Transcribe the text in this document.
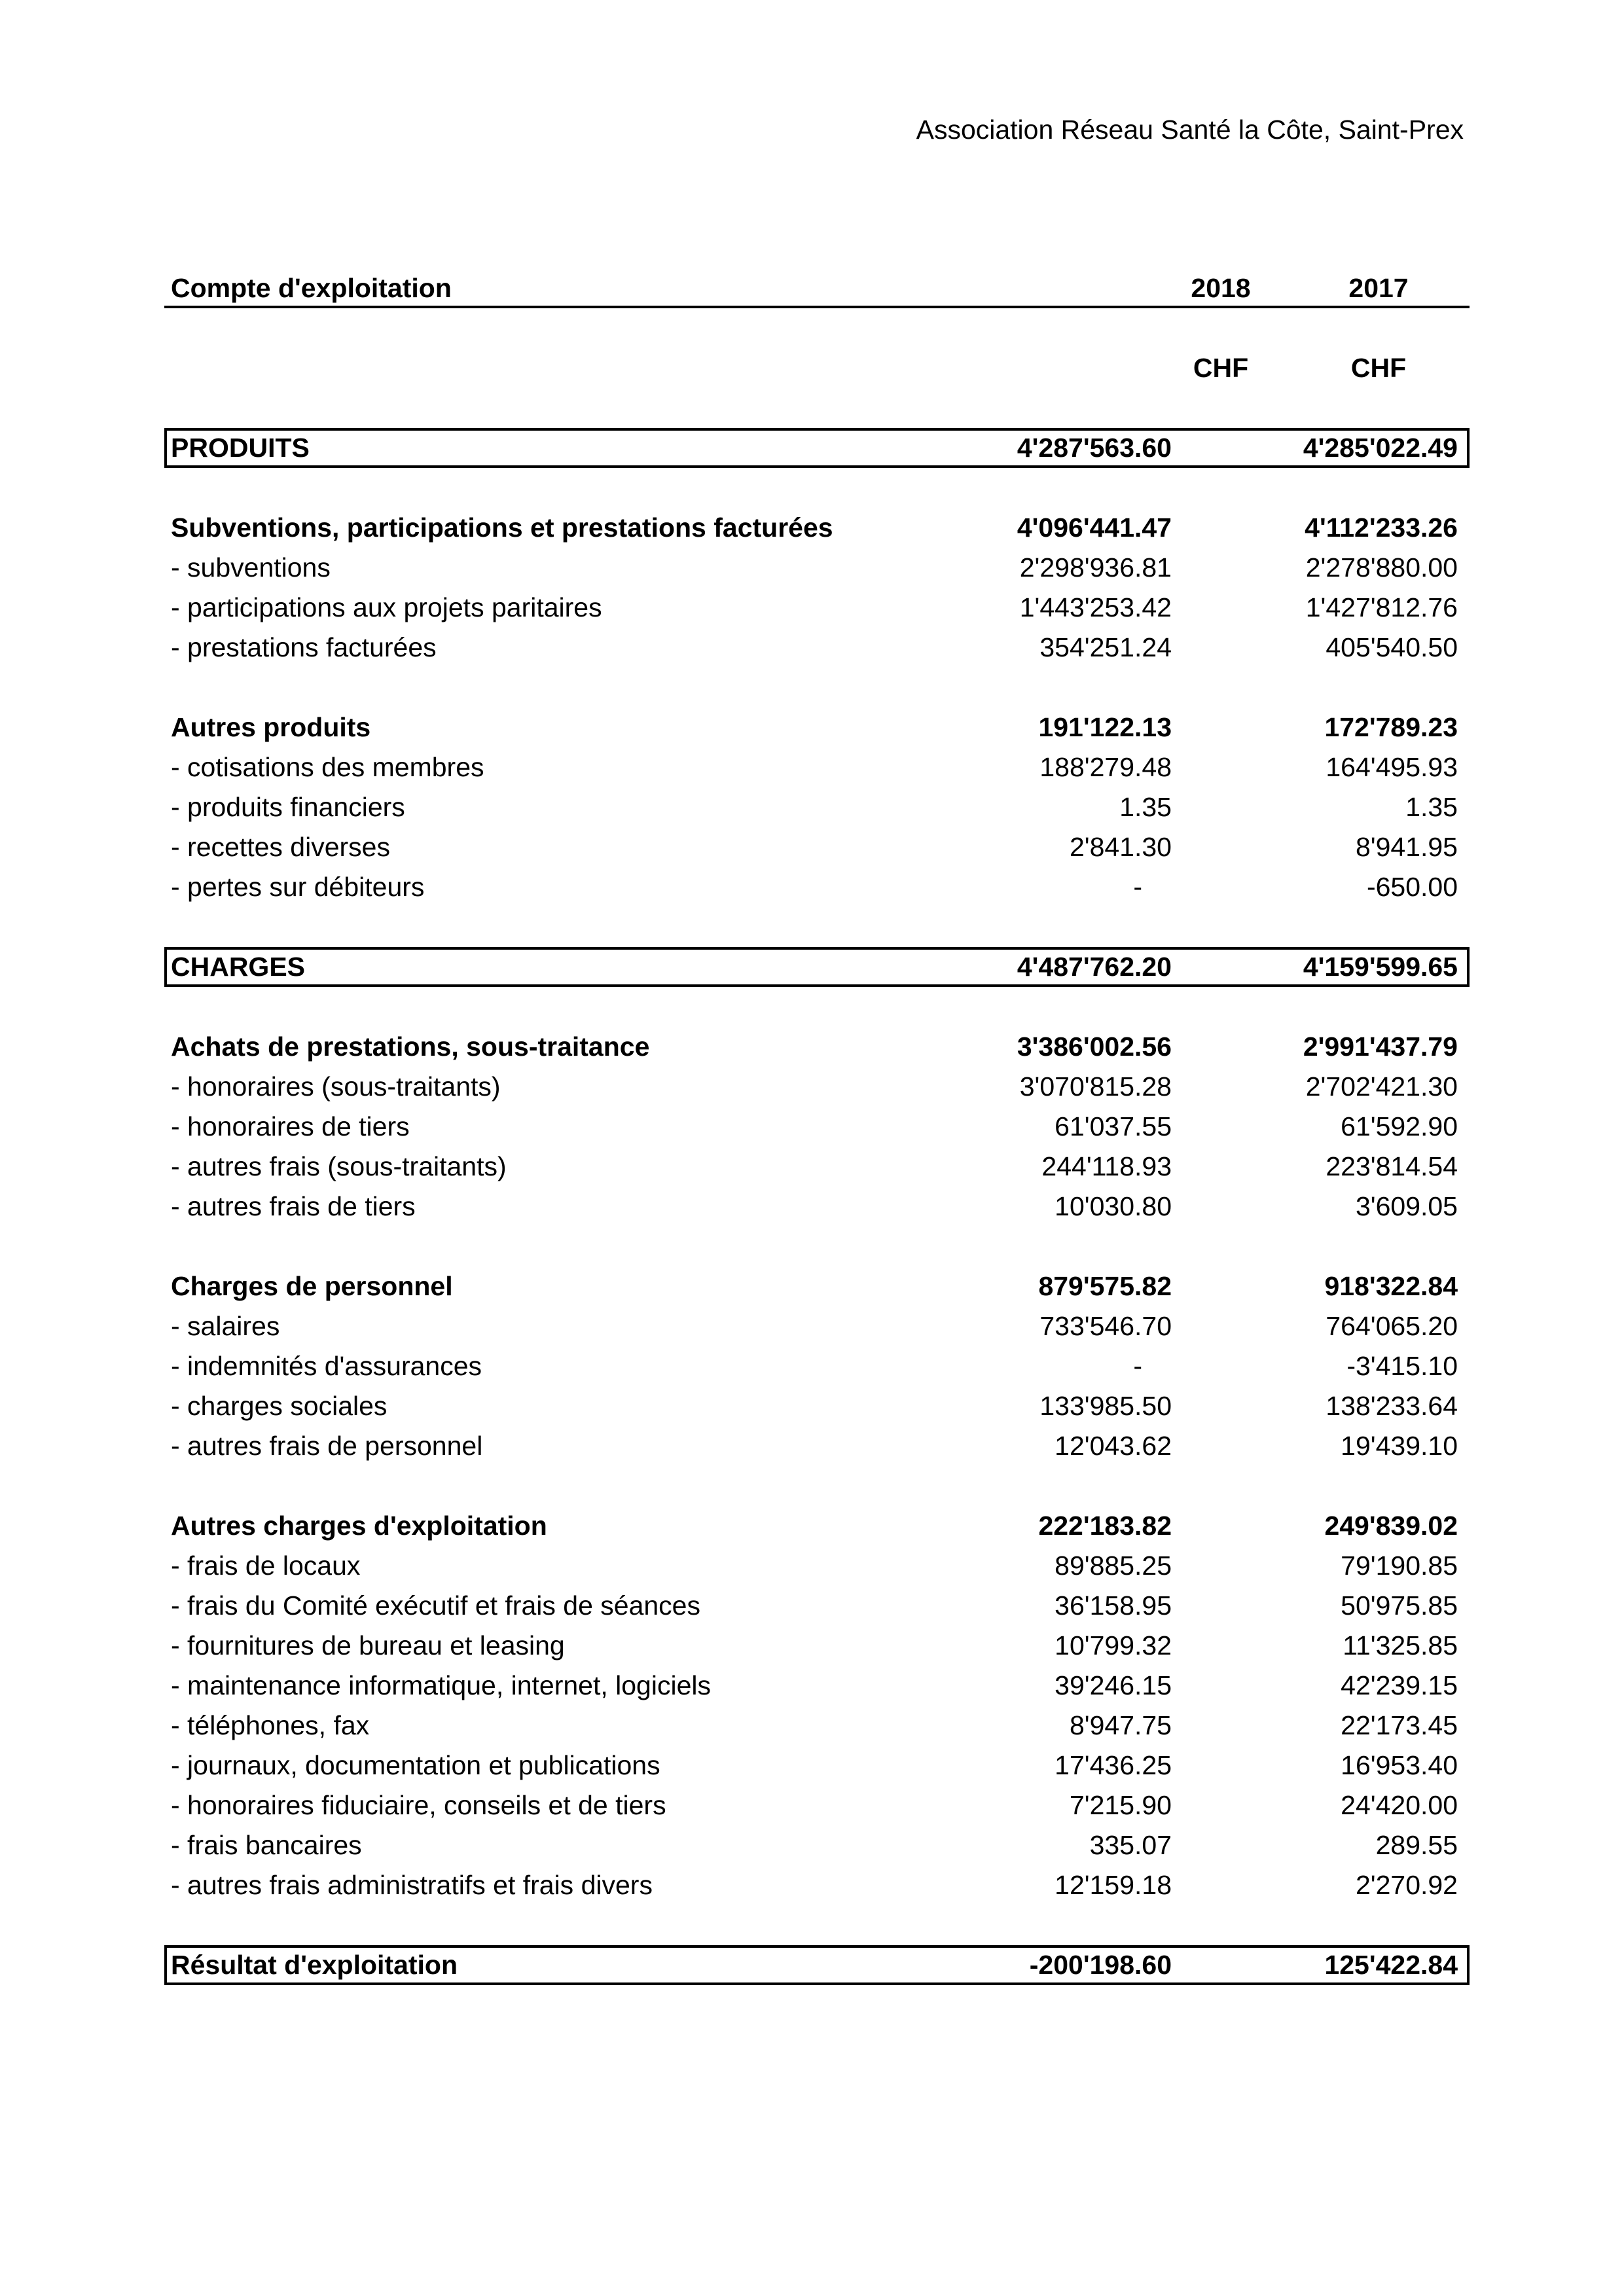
Association Réseau Santé la Côte, Saint-Prex
Compte d'exploitation	2018	2017
CHF	CHF
PRODUITS	4'287'563.60	4'285'022.49
Subventions, participations et prestations facturées	4'096'441.47	4'112'233.26
- subventions	2'298'936.81	2'278'880.00
- participations aux projets paritaires	1'443'253.42	1'427'812.76
- prestations facturées	354'251.24	405'540.50
Autres produits	191'122.13	172'789.23
- cotisations des membres	188'279.48	164'495.93
- produits financiers	1.35	1.35
- recettes diverses	2'841.30	8'941.95
- pertes sur débiteurs	-	-650.00
CHARGES	4'487'762.20	4'159'599.65
Achats de prestations, sous-traitance	3'386'002.56	2'991'437.79
- honoraires (sous-traitants)	3'070'815.28	2'702'421.30
- honoraires de tiers	61'037.55	61'592.90
- autres frais (sous-traitants)	244'118.93	223'814.54
- autres frais de tiers	10'030.80	3'609.05
Charges de personnel	879'575.82	918'322.84
- salaires	733'546.70	764'065.20
- indemnités d'assurances	-	-3'415.10
- charges sociales	133'985.50	138'233.64
- autres frais de personnel	12'043.62	19'439.10
Autres charges d'exploitation	222'183.82	249'839.02
- frais de locaux	89'885.25	79'190.85
- frais du Comité exécutif et frais de séances	36'158.95	50'975.85
- fournitures de bureau et leasing	10'799.32	11'325.85
- maintenance informatique, internet, logiciels	39'246.15	42'239.15
- téléphones, fax	8'947.75	22'173.45
- journaux, documentation et publications	17'436.25	16'953.40
- honoraires fiduciaire, conseils et de tiers	7'215.90	24'420.00
- frais bancaires	335.07	289.55
- autres frais administratifs et frais divers	12'159.18	2'270.92
Résultat d'exploitation	-200'198.60	125'422.84
